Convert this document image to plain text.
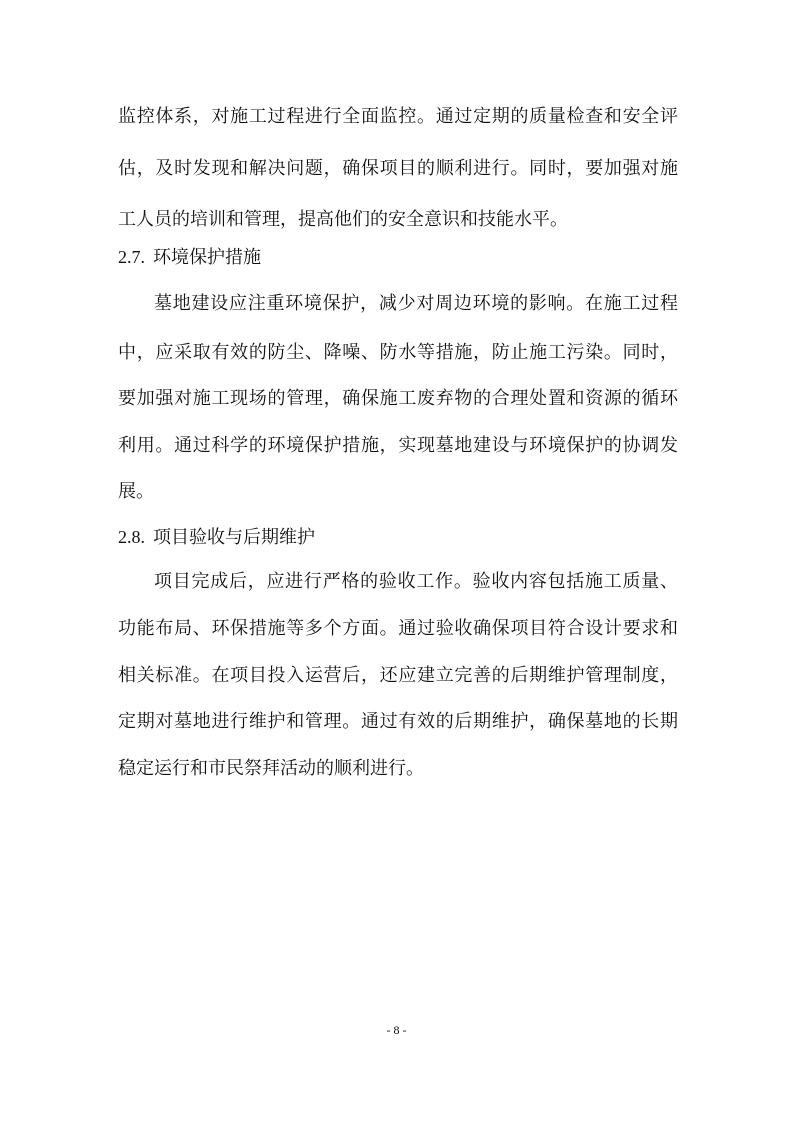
监控体系，对施工过程进行全面监控。通过定期的质量检查和安全评
估，及时发现和解决问题，确保项目的顺利进行。同时，要加强对施
工人员的培训和管理，提高他们的安全意识和技能水平。
2.7. 环境保护措施
墓地建设应注重环境保护，减少对周边环境的影响。在施工过程
中，应采取有效的防尘、降噪、防水等措施，防止施工污染。同时，
要加强对施工现场的管理，确保施工废弃物的合理处置和资源的循环
利用。通过科学的环境保护措施，实现墓地建设与环境保护的协调发
展。
2.8. 项目验收与后期维护
项目完成后，应进行严格的验收工作。验收内容包括施工质量、
功能布局、环保措施等多个方面。通过验收确保项目符合设计要求和
相关标准。在项目投入运营后，还应建立完善的后期维护管理制度，
定期对墓地进行维护和管理。通过有效的后期维护，确保墓地的长期
稳定运行和市民祭拜活动的顺利进行。
- 8 -
